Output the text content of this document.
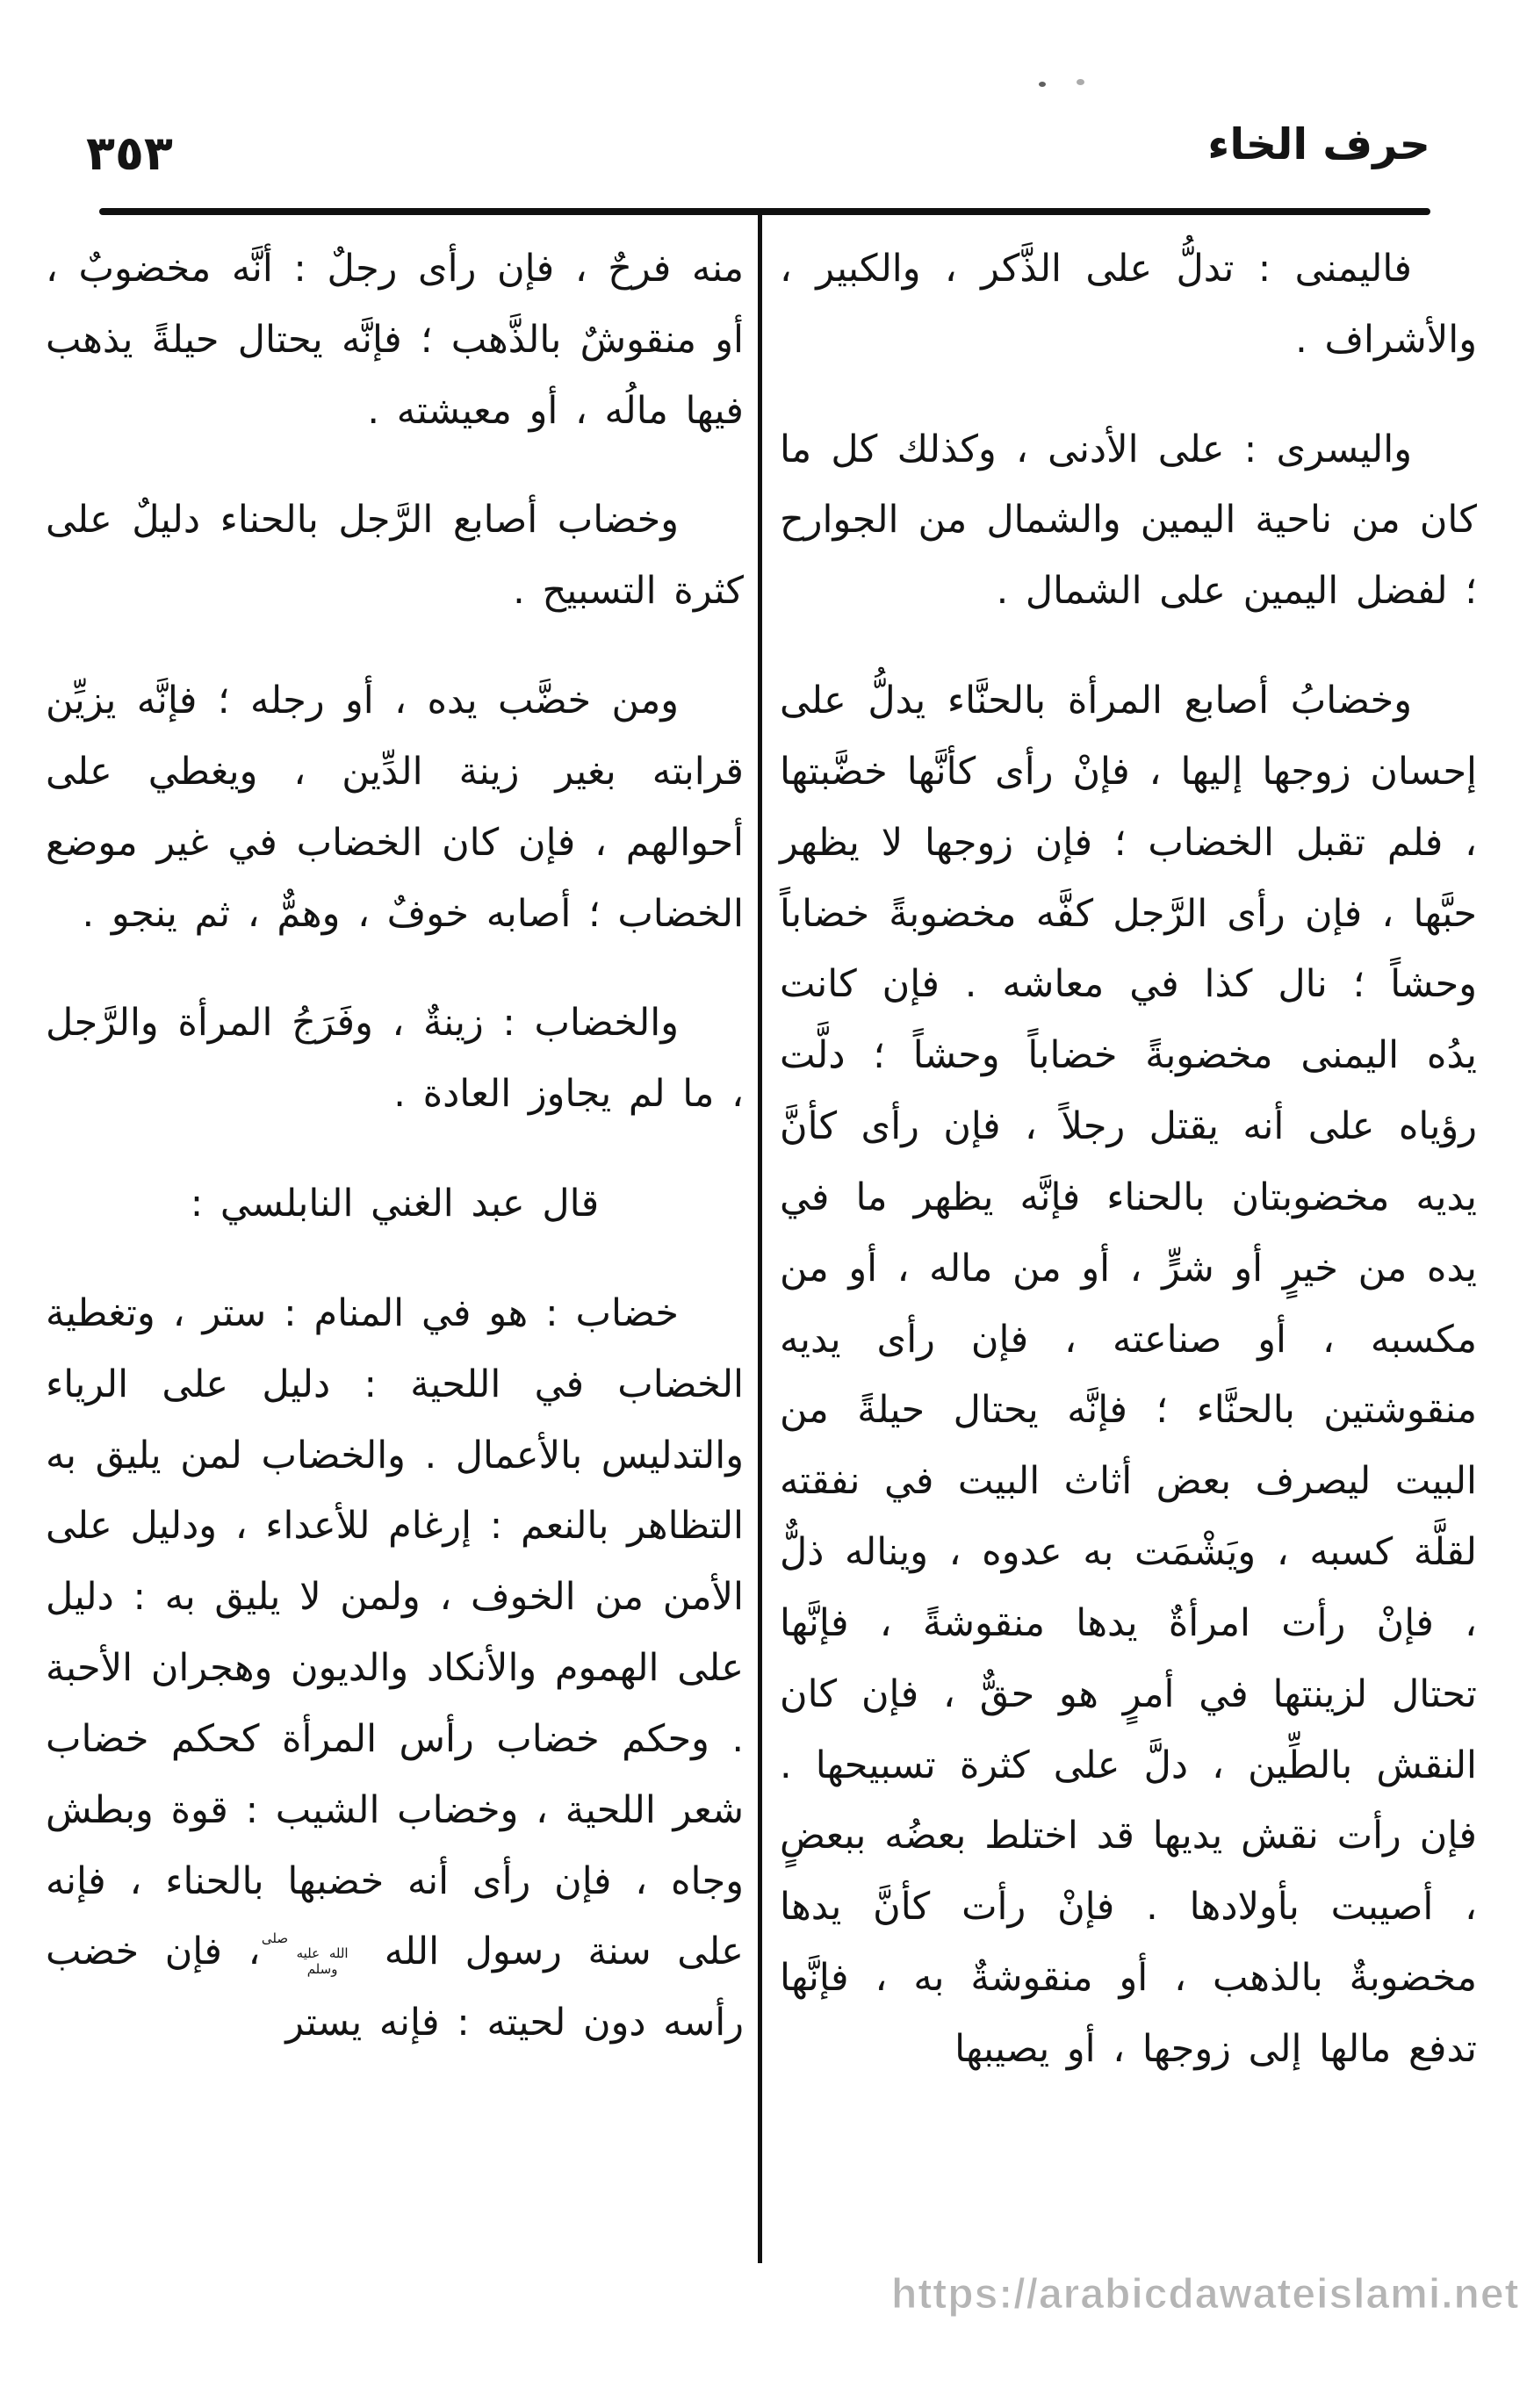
٣٥٣	حرف الخاء

فاليمنى : تدلُّ على الذَّكر ، والكبير ، والأشراف .

واليسرى : على الأدنى ، وكذلك كل ما كان من ناحية اليمين والشمال من الجوارح ؛ لفضل اليمين على الشمال .

وخضابُ أصابع المرأة بالحنَّاء يدلُّ على إحسان زوجها إليها ، فإنْ رأى كأنَّها خضَّبتها ، فلم تقبل الخضاب ؛ فإن زوجها لا يظهر حبَّها ، فإن رأى الرَّجل كفَّه مخضوبةً خضاباً وحشاً ؛ نال كذا في معاشه . فإن كانت يدُه اليمنى مخضوبةً خضاباً وحشاً ؛ دلَّت رؤياه على أنه يقتل رجلاً ، فإن رأى كأنَّ يديه مخضوبتان بالحناء فإنَّه يظهر ما في يده من خيرٍ أو شرٍّ ، أو من ماله ، أو من مكسبه ، أو صناعته ، فإن رأى يديه منقوشتين بالحنَّاء ؛ فإنَّه يحتال حيلةً من البيت ليصرف بعض أثاث البيت في نفقته لقلَّة كسبه ، ويَشْمَت به عدوه ، ويناله ذلٌّ ، فإنْ رأت امرأةٌ يدها منقوشةً ، فإنَّها تحتال لزينتها في أمرٍ هو حقٌّ ، فإن كان النقش بالطِّين ، دلَّ على كثرة تسبيحها . فإن رأت نقش يديها قد اختلط بعضُه ببعضٍ ، أصيبت بأولادها . فإنْ رأت كأنَّ يدها مخضوبةٌ بالذهب ، أو منقوشةٌ به ، فإنَّها تدفع مالها إلى زوجها ، أو يصيبها

منه فرحٌ ، فإن رأى رجلٌ : أنَّه مخضوبٌ ، أو منقوشٌ بالذَّهب ؛ فإنَّه يحتال حيلةً يذهب فيها مالُه ، أو معيشته .

وخضاب أصابع الرَّجل بالحناء دليلٌ على كثرة التسبيح .

ومن خضَّب يده ، أو رجله ؛ فإنَّه يزيِّن قرابته بغير زينة الدِّين ، ويغطي على أحوالهم ، فإن كان الخضاب في غير موضع الخضاب ؛ أصابه خوفٌ ، وهمٌّ ، ثم ينجو .

والخضاب : زينةٌ ، وفَرَجُ المرأة والرَّجل ، ما لم يجاوز العادة .

قال عبد الغني النابلسي :

خضاب : هو في المنام : ستر ، وتغطية الخضاب في اللحية : دليل على الرياء والتدليس بالأعمال . والخضاب لمن يليق به التظاهر بالنعم : إرغام للأعداء ، ودليل على الأمن من الخوف ، ولمن لا يليق به : دليل على الهموم والأنكاد والديون وهجران الأحبة . وحكم خضاب رأس المرأة كحكم خضاب شعر اللحية ، وخضاب الشيب : قوة وبطش وجاه ، فإن رأى أنه خضبها بالحناء ، فإنه على سنة رسول الله صلى الله عليه وسلم ، فإن خضب رأسه دون لحيته : فإنه يستر

https://arabicdawateislami.net
